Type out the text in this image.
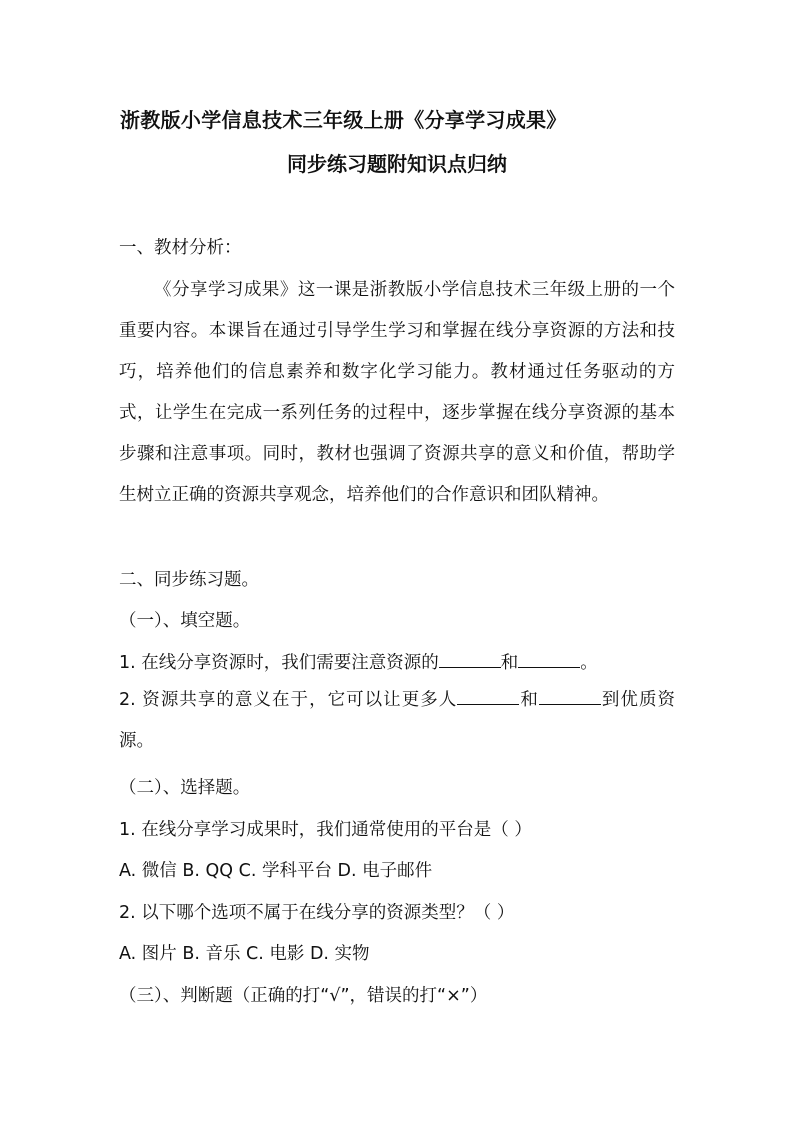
浙教版小学信息技术三年级上册《分享学习成果》
同步练习题附知识点归纳
一、教材分析：
《分享学习成果》这一课是浙教版小学信息技术三年级上册的一个重要内容。本课旨在通过引导学生学习和掌握在线分享资源的方法和技巧，培养他们的信息素养和数字化学习能力。教材通过任务驱动的方式，让学生在完成一系列任务的过程中，逐步掌握在线分享资源的基本步骤和注意事项。同时，教材也强调了资源共享的意义和价值，帮助学生树立正确的资源共享观念，培养他们的合作意识和团队精神。
二、同步练习题。
（一）、填空题。
1. 在线分享资源时，我们需要注意资源的	和	。
2. 资源共享的意义在于，它可以让更多人	和	到优质资源。
（二）、选择题。
1. 在线分享学习成果时，我们通常使用的平台是（ ）
A. 微信 B. QQ C. 学科平台 D. 电子邮件
2. 以下哪个选项不属于在线分享的资源类型？（ ）
A. 图片 B. 音乐 C. 电影 D. 实物
（三）、判断题（正确的打“√”，错误的打“×”）
